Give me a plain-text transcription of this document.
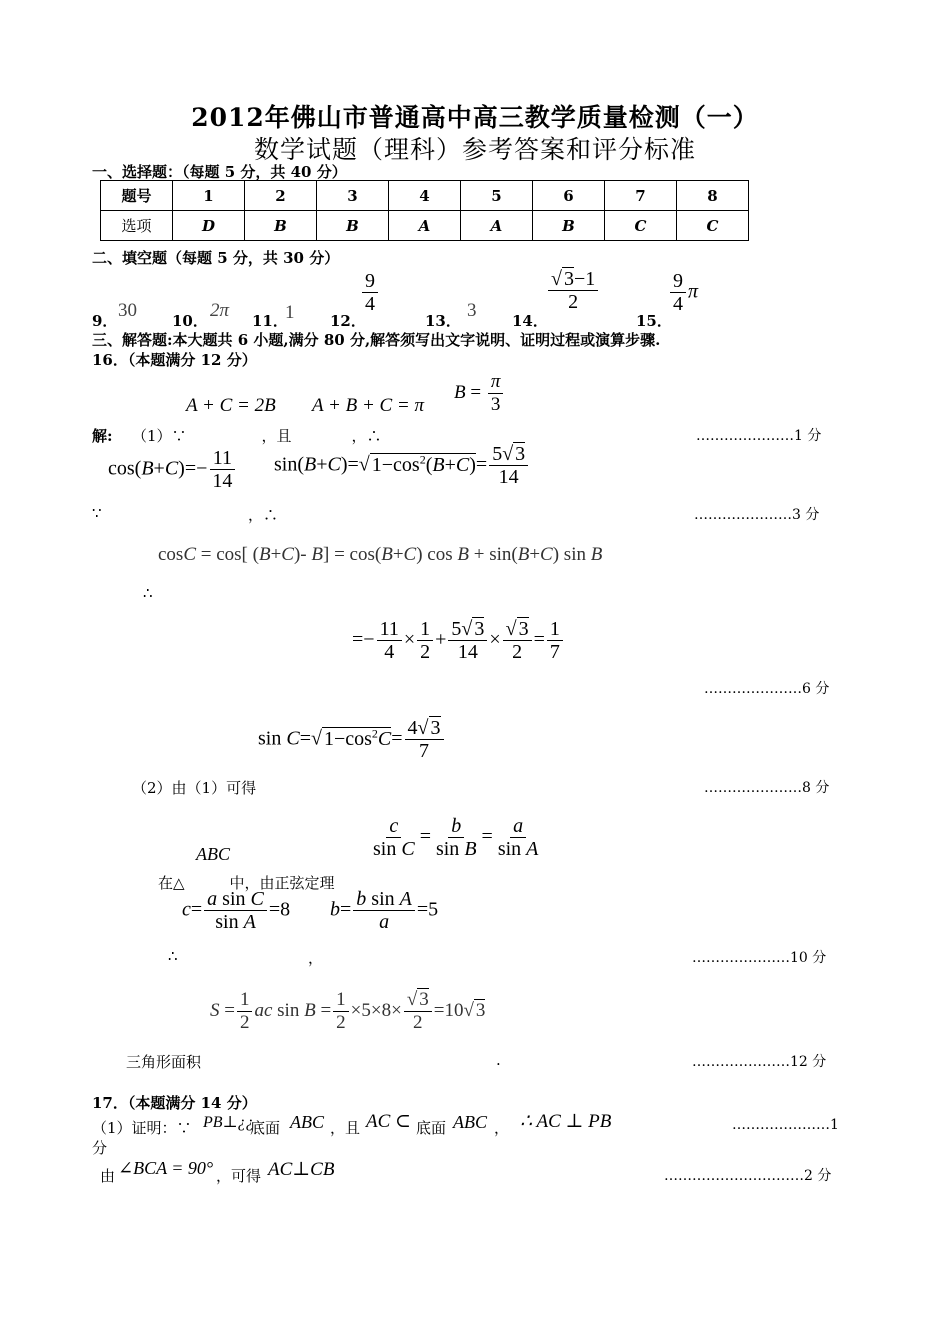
2012年佛山市普通高中高三教学质量检测（一）
数学试题（理科）参考答案和评分标准
一、选择题：（每题 5 分，共 40 分）
题号	1	2	3	4	5	6	7	8
选项	D	B	B	A	A	B	C	C
二、填空题（每题 5 分，共 30 分）
9． 30 10． 2π 11．
1 12．
$\frac{9}{4}$
13． 3 14．
$\frac{√ 3-1}{2}$
15．
$\frac{9}{4}$ π
三、解答题:本大题共 6 小题,满分 80 分,解答须写出文字说明、证明过程或演算步骤.
16．（本题满分 12 分）
A + C = 2B A + B + C = π
$B = \frac{\pi}{3}$
解: （1）∵　　　　　，且　　　　，∴	…………………1 分
$\cos(B+C)=- \frac{11}{14} \sin(B+C)=√$ $1-\cos^2(B+C)= \frac{5√ 3}{14}$
∵	，∴	…………………3 分
cosC = cos[ (B+C)- B] = cos(B+C) cos B + sin(B+C) sin B
∴
=− $\frac{11}{4} \times \frac{1}{2} + \frac{5√ 3}{14} \times \frac{√ 3}{2} = \frac{1}{7}$
…………………6 分
sin C=√ $1-\cos^2C= \frac{4√ 3}{7}$
（2）由（1）可得	…………………8 分
$\frac{c}{\text{sin C}} = \frac{b}{\text{sin B}} = \frac{a}{\text{sin A}}$
ABC
在△　　　中，由正弦定理
$c= \frac{\text{a sin C}}{\text{sin A}} =8$ $b= \frac{\text{b sin A}}{a} =5$
∴	，	…………………10 分
$S = \frac{1}{2}$ ac $\sin B = \frac{1}{2} \times 5\times 8\times \frac{√ 3}{2} =10√$ 3
三角形面积	.	…………………12 分
17．（本题满分 14 分）
（1）证明：∵ PB⊥¿¿
底面 ABC ，且 AC ⊂ 底面 ABC ， ∴ AC ⊥ PB	…………………1
分
由 ∠BCA = 90° ，可得 AC⊥CB	…………………………2 分
